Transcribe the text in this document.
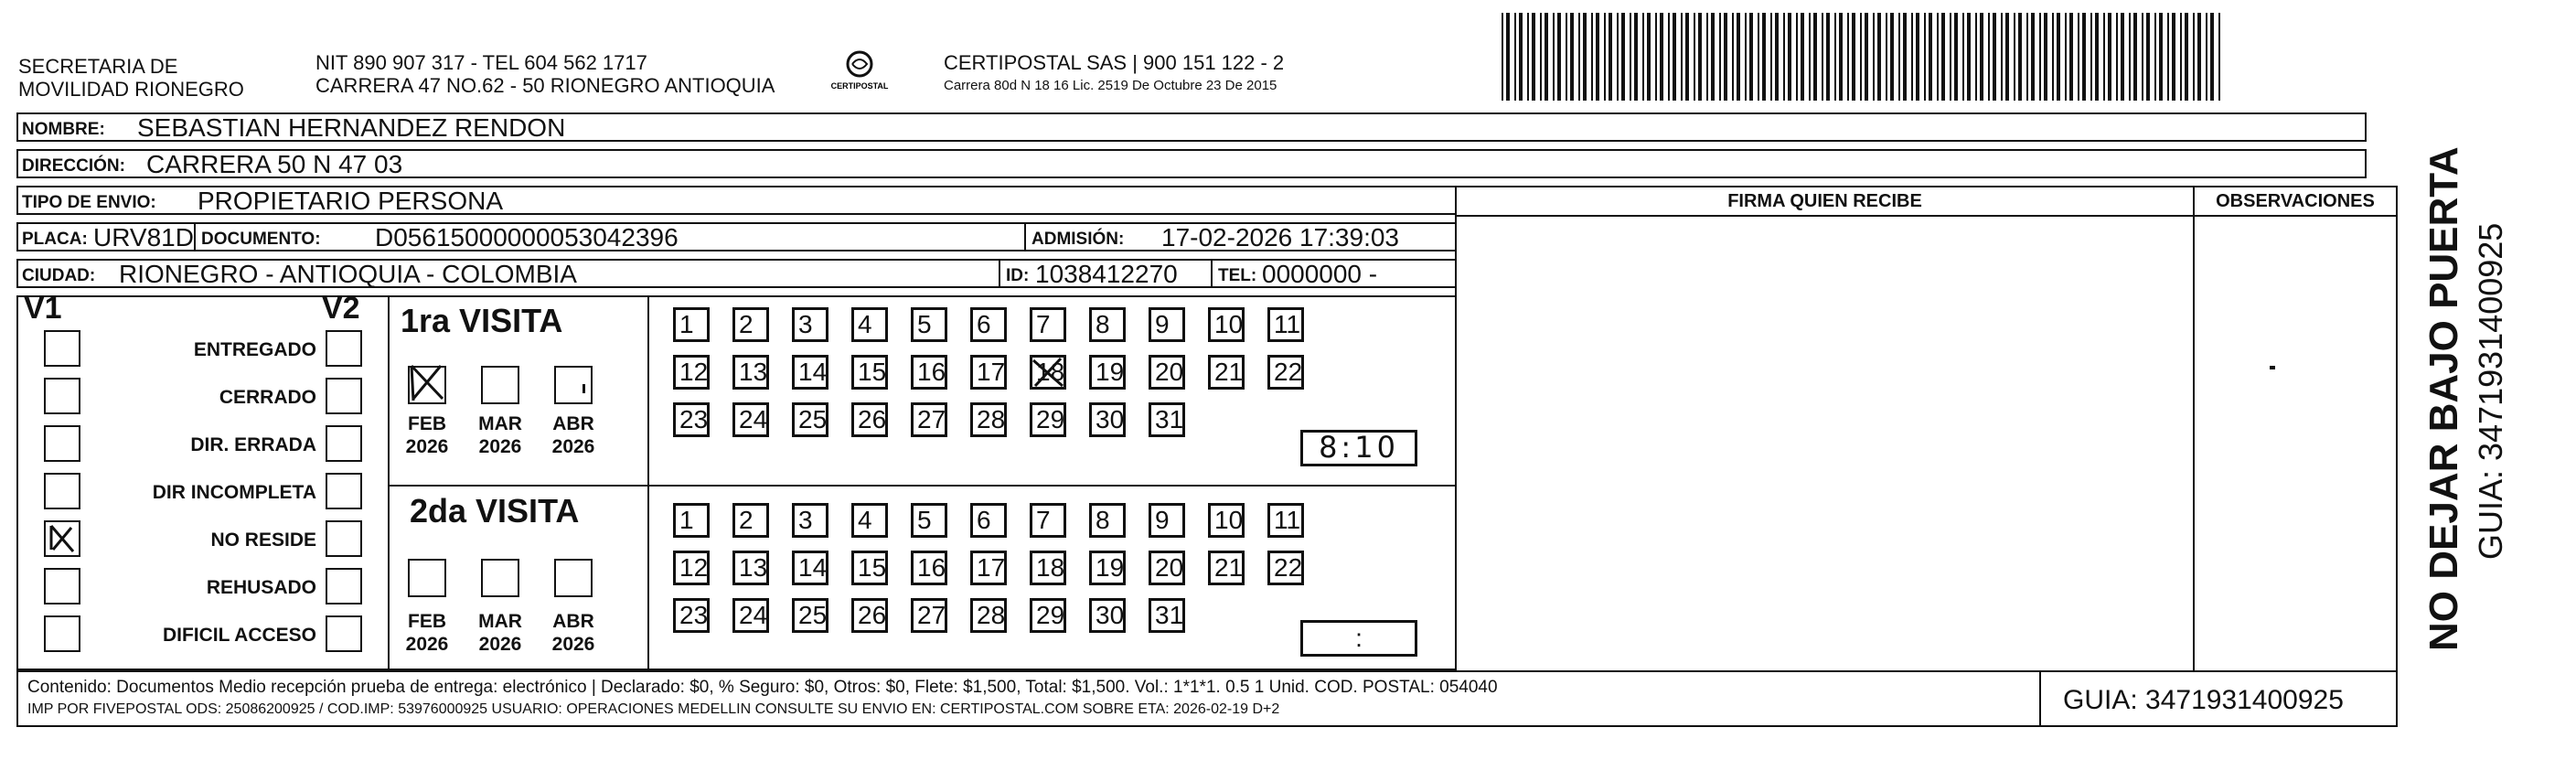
SECRETARIA DE
MOVILIDAD RIONEGRO
NIT 890 907 317 - TEL 604 562 1717
CARRERA 47 NO.62 - 50 RIONEGRO ANTIOQUIA	CERTIPOSTAL
CERTIPOSTAL SAS | 900 151 122 - 2
Carrera 80d N 18 16 Lic. 2519 De Octubre 23 De 2015
NOMBRE: SEBASTIAN HERNANDEZ RENDON
DIRECCIÓN: CARRERA 50 N 47 03
TIPO DE ENVIO: PROPIETARIO PERSONA
PLACA: URV81D DOCUMENTO: D05615000000053042396	ADMISIÓN: 17-02-2026 17:39:03
CIUDAD: RIONEGRO - ANTIOQUIA - COLOMBIA	ID: 1038412270 TEL: 0000000 -
FIRMA QUIEN RECIBE	OBSERVACIONES
V1	V2
ENTREGADO
CERRADO
DIR. ERRADA
DIR INCOMPLETA
NO RESIDE
REHUSADO
DIFICIL ACCESO
1ra VISITA
FEB
2026
MAR
2026
ABR
2026
1	2	3	4	5	6	7	8	9	10 11
12 13 14 15 16 17 18 19 20 21 22
23 24 25 26 27 28 29 30 31
8:10
2da VISITA
FEB
2026
MAR
2026
ABR
2026
1	2	3	4	5	6	7	8	9	10 11
12 13 14 15 16 17 18 19 20 21 22
23 24 25 26 27 28 29 30 31
:
Contenido: Documentos Medio recepción prueba de entrega: electrónico | Declarado: $0, % Seguro: $0, Otros: $0, Flete: $1,500, Total: $1,500. Vol.: 1*1*1. 0.5 1 Unid. COD. POSTAL: 054040
IMP POR FIVEPOSTAL ODS: 25086200925 / COD.IMP: 53976000925 USUARIO: OPERACIONES MEDELLIN CONSULTE SU ENVIO EN: CERTIPOSTAL.COM SOBRE ETA: 2026-02-19 D+2	GUIA: 3471931400925
NO DEJAR BAJO PUERTA GUIA: 3471931400925
